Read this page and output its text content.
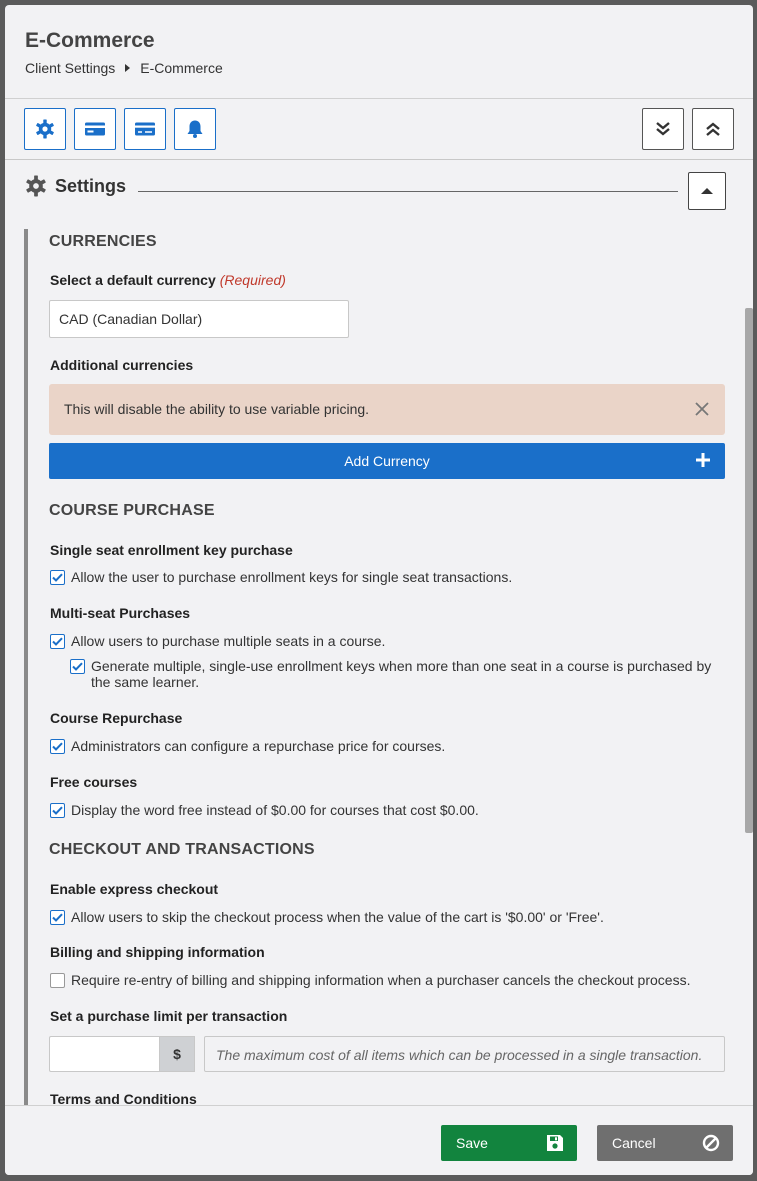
E-Commerce
Client Settings E-Commerce
Settings
CURRENCIES
Select a default currency (Required)
CAD (Canadian Dollar)
Additional currencies
This will disable the ability to use variable pricing.
Add Currency
COURSE PURCHASE
Single seat enrollment key purchase
Allow the user to purchase enrollment keys for single seat transactions.
Multi-seat Purchases
Allow users to purchase multiple seats in a course.
Generate multiple, single-use enrollment keys when more than one seat in a course is purchased by the same learner.
Course Repurchase
Administrators can configure a repurchase price for courses.
Free courses
Display the word free instead of $0.00 for courses that cost $0.00.
CHECKOUT AND TRANSACTIONS
Enable express checkout
Allow users to skip the checkout process when the value of the cart is '$0.00' or 'Free'.
Billing and shipping information
Require re-entry of billing and shipping information when a purchaser cancels the checkout process.
Set a purchase limit per transaction
$	The maximum cost of all items which can be processed in a single transaction.
Terms and Conditions
Save	Cancel
